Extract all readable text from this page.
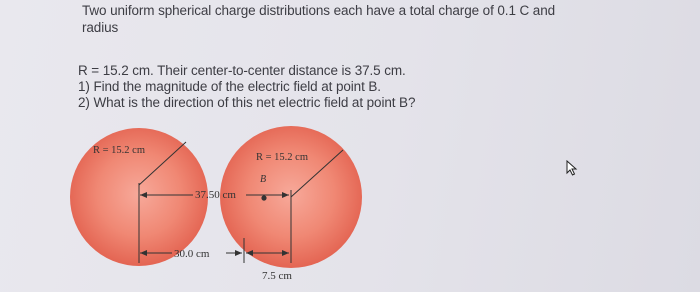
Two uniform spherical charge distributions each have a total charge of 0.1 C and
radius
R = 15.2 cm. Their center-to-center distance is 37.5 cm.
1) Find the magnitude of the electric field at point B.
2) What is the direction of this net electric field at point B?
R = 15.2 cm
R = 15.2 cm
B
37.50 cm
30.0 cm
7.5 cm
